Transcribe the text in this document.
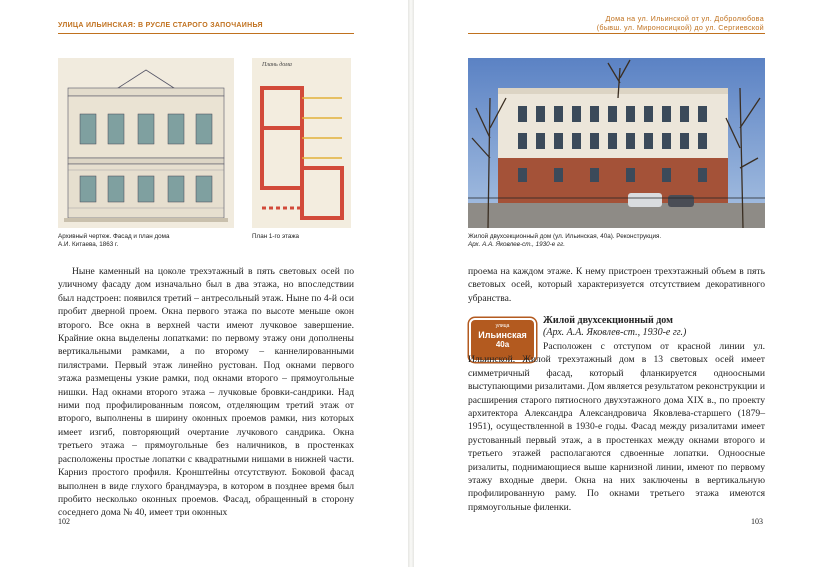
УЛИЦА ИЛЬИНСКАЯ: В РУСЛЕ СТАРОГО ЗАПОЧАИНЬЯ
Архивный чертеж. Фасад и план дома
А.И. Китаева, 1863 г.
Плань дома
План 1-го этажа

Ныне каменный на цоколе трехэтажный в пять световых осей по уличному фасаду дом изначально был в два этажа, но впоследствии был надстроен: появился третий – антресольный этаж. Ныне по 4-й оси пробит дверной проем. Окна первого этажа по высоте меньше окон второго. Все окна в верхней части имеют лучковое завершение. Крайние окна выделены лопатками: по первому этажу они дополнены вертикальными рамками, а по второму – каннелированными пилястрами. Первый этаж линейно рустован. Под окнами первого этажа размещены узкие рамки, под окнами второго – прямоугольные нишки. Над окнами второго этажа – лучковые бровки-сандрики. Над ними под профилированным поясом, отделяющим третий этаж от второго, выполнены в ширину оконных проемов рамки, низ которых имеет изгиб, повторяющий очертание лучкового сандрика. Окна третьего этажа – прямоугольные без наличников, в простенках расположены простые лопатки с квадратными нишами в нижней части. Карниз простого профиля. Кронштейны отсутствуют. Боковой фасад выполнен в виде глухого брандмауэра, в котором в позднее время был пробито несколько оконных проемов. Фасад, обращенный в сторону соседнего дома № 40, имеет три оконных

102
Дома на ул. Ильинской от ул. Добролюбова
(бывш. ул. Мироносицкой) до ул. Сергиевской
Жилой двухсекционный дом (ул. Ильинская, 40а). Реконструкция.
Арх. А.А. Яковлев-ст., 1930-е гг.

проема на каждом этаже. К нему пристроен трехэтажный объем в пять световых осей, который характеризуется отсутствием декоративного убранства.

улица
Ильинская
40а
Жилой двухсекционный дом
(Арх. А.А. Яковлев-ст., 1930-е гг.)

Расположен с отступом от красной линии ул. Ильинской. Жилой трехэтажный дом в 13 световых осей имеет симметричный фасад, который фланкируется одноосными выступающими ризалитами. Дом является результатом реконструкции и расширения старого пятиосного двухэтажного дома XIX в., по проекту архитектора Александра Александровича Яковлева-старшего (1879–1951), осуществленной в 1930-е годы. Фасад между ризалитами имеет рустованный первый этаж, а в простенках между окнами второго и третьего этажей располагаются сдвоенные лопатки. Одноосные ризалиты, поднимающиеся выше карнизной линии, имеют по первому этажу входные двери. Окна на них заключены в вертикальную профилированную раму. По окнами третьего этажа имеются прямоугольные филенки.

103
